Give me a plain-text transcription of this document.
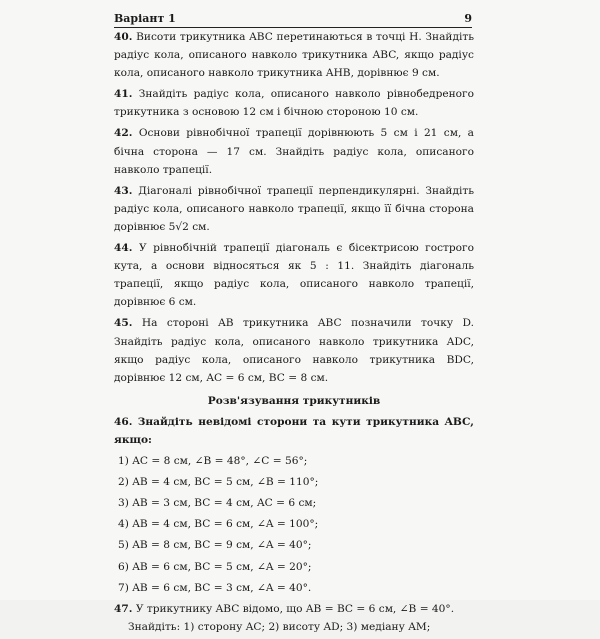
Варіант 1	9
40. Висоти трикутника ABC перетинаються в точці H. Знайдіть радіус кола, описаного навколо трикутника ABC, якщо радіус кола, описаного навколо трикутника AHB, дорівнює 9 см.
41. Знайдіть радіус кола, описаного навколо рівнобедреного трикутника з основою 12 см і бічною стороною 10 см.
42. Основи рівнобічної трапеції дорівнюють 5 см і 21 см, а бічна сторона — 17 см. Знайдіть радіус кола, описаного навколо трапеції.
43. Діагоналі рівнобічної трапеції перпендикулярні. Знайдіть радіус кола, описаного навколо трапеції, якщо її бічна сторона дорівнює 5√2 см.
44. У рівнобічній трапеції діагональ є бісектрисою гострого кута, а основи відносяться як 5 : 11. Знайдіть діагональ трапеції, якщо радіус кола, описаного навколо трапеції, дорівнює 6 см.
45. На стороні AB трикутника ABC позначили точку D. Знайдіть радіус кола, описаного навколо трикутника ADC, якщо радіус кола, описаного навколо трикутника BDC, дорівнює 12 см, AC = 6 см, BC = 8 см.
Розв'язування трикутників
46. Знайдіть невідомі сторони та кути трикутника ABC, якщо:
1) AC = 8 см, ∠B = 48°, ∠C = 56°;
2) AB = 4 см, BC = 5 см, ∠B = 110°;
3) AB = 3 см, BC = 4 см, AC = 6 см;
4) AB = 4 см, BC = 6 см, ∠A = 100°;
5) AB = 8 см, BC = 9 см, ∠A = 40°;
6) AB = 6 см, BC = 5 см, ∠A = 20°;
7) AB = 6 см, BC = 3 см, ∠A = 40°.
47. У трикутнику ABC відомо, що AB = BC = 6 см, ∠B = 40°.
Знайдіть: 1) сторону AC; 2) висоту AD; 3) медіану AM;
